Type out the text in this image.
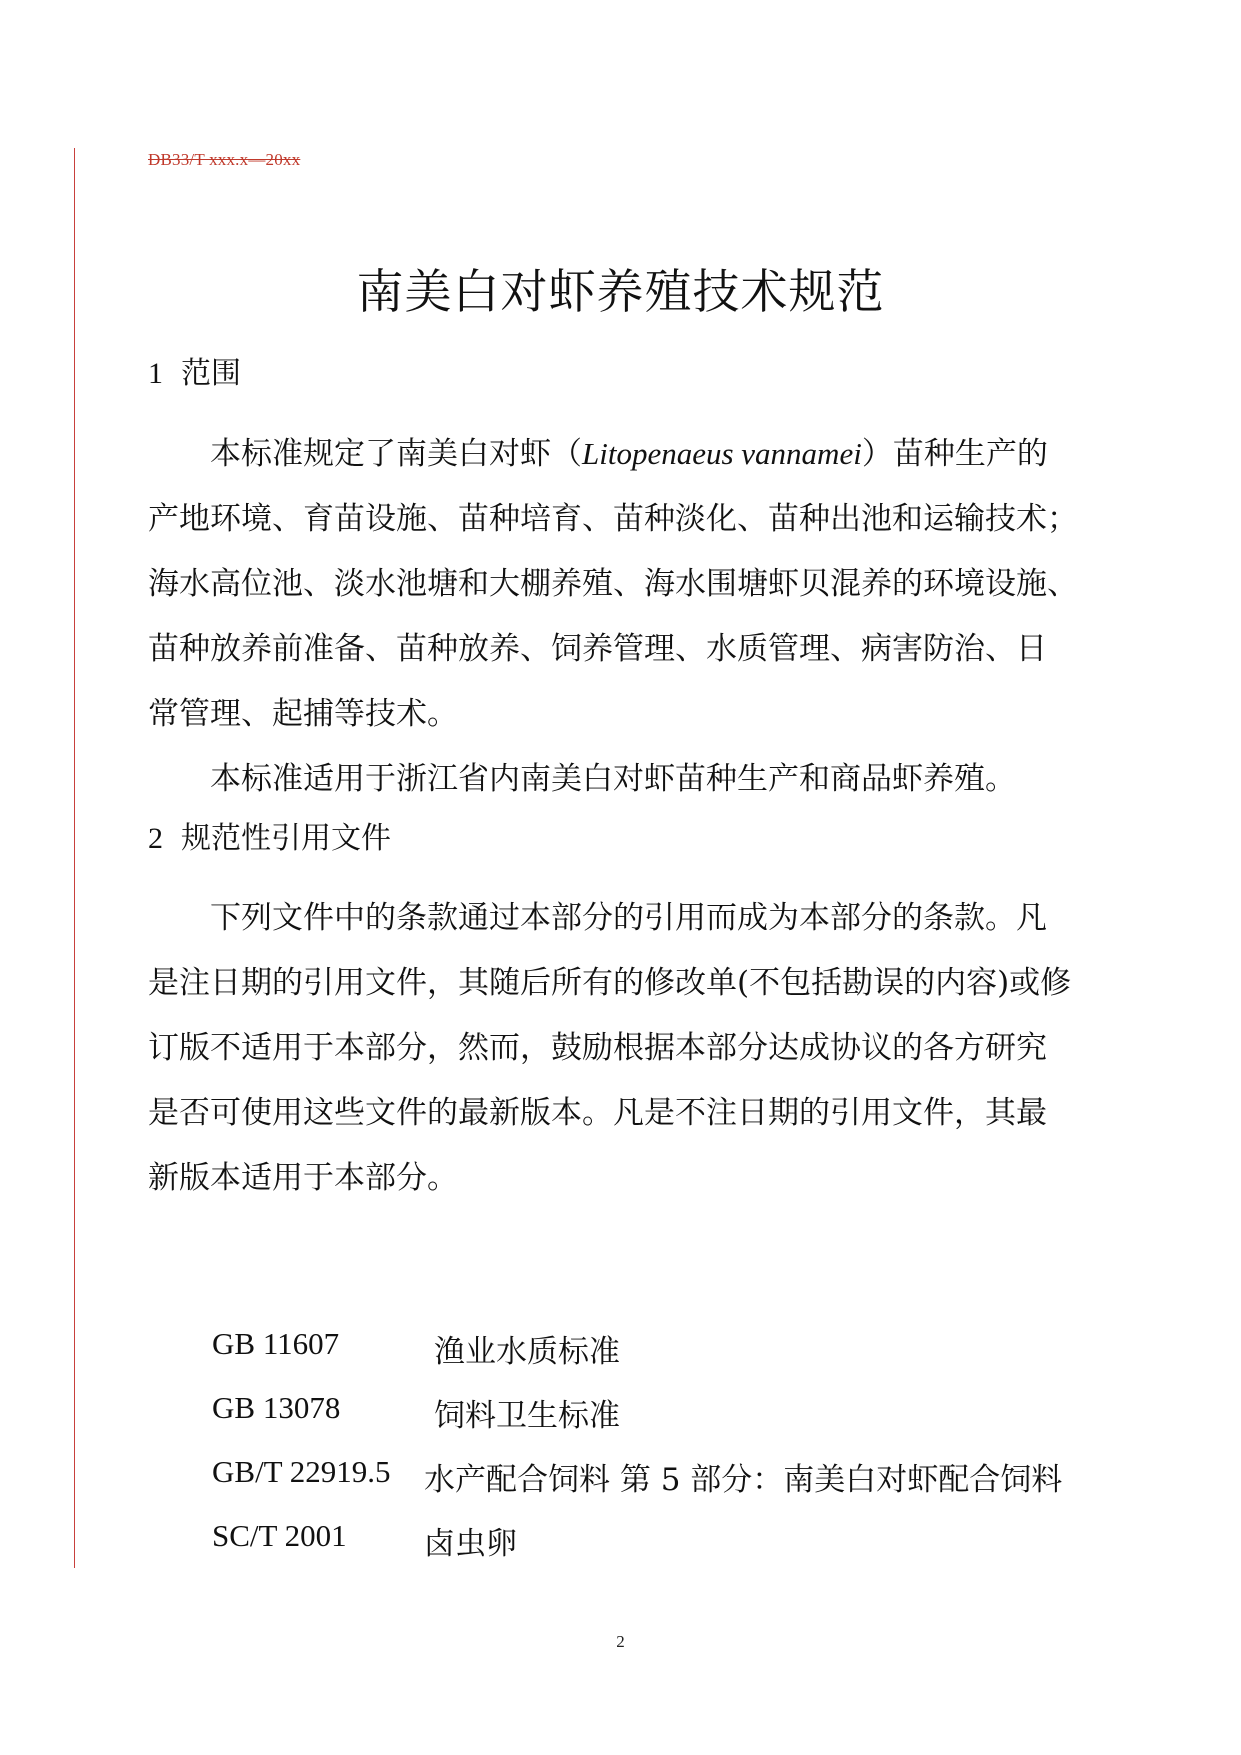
DB33/T xxx.x—20xx
南美白对虾养殖技术规范
1 范围

本标准规定了南美白对虾（Litopenaeus vannamei）苗种生产的

产地环境、育苗设施、苗种培育、苗种淡化、苗种出池和运输技术；

海水高位池、淡水池塘和大棚养殖、海水围塘虾贝混养的环境设施、

苗种放养前准备、苗种放养、饲养管理、水质管理、病害防治、日

常管理、起捕等技术。

本标准适用于浙江省内南美白对虾苗种生产和商品虾养殖。

2 规范性引用文件

下列文件中的条款通过本部分的引用而成为本部分的条款。凡

是注日期的引用文件，其随后所有的修改单(不包括勘误的内容)或修

订版不适用于本部分，然而，鼓励根据本部分达成协议的各方研究

是否可使用这些文件的最新版本。凡是不注日期的引用文件，其最

新版本适用于本部分。

GB 11607	渔业水质标准
GB 13078	饲料卫生标准
GB/T 22919.5 水产配合饲料 第 5 部分：南美白对虾配合饲料
SC/T 2001 卤虫卵
2
